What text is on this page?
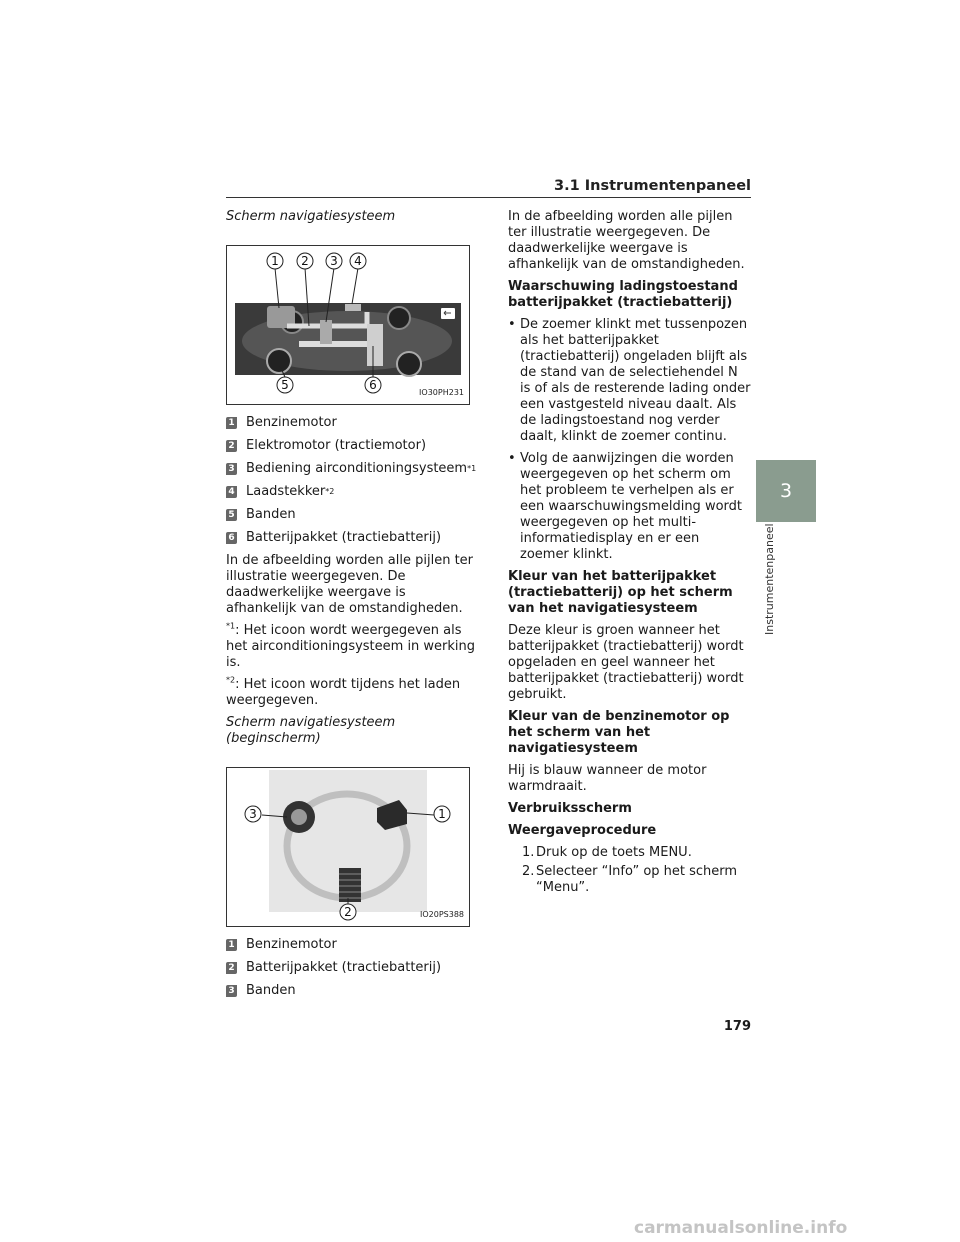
3.1 Instrumentenpaneel

Scherm navigatiesysteem

1 2 3 4
5	6
IO30PH231
1 Benzinemotor
2 Elektromotor (tractiemotor)
3 Bediening airconditioningsysteem *1
4 Laadstekker *2
5 Banden
6 Batterijpakket (tractiebatterij)

In de afbeelding worden alle pijlen ter illustratie weergegeven. De daadwerkelijke weergave is afhankelijk van de omstandigheden.

$^{*1}$: Het icoon wordt weergegeven als het airconditioningsysteem in werking is.

$^{*2}$: Het icoon wordt tijdens het laden weergegeven.

Scherm navigatiesysteem (beginscherm)

3	1
2	IO20PS388
1 Benzinemotor
2 Batterijpakket (tractiebatterij)
3 Banden

In de afbeelding worden alle pijlen ter illustratie weergegeven. De daadwerkelijke weergave is afhankelijk van de omstandigheden.

Waarschuwing ladingstoestand batterijpakket (tractiebatterij)

• De zoemer klinkt met tussenpozen als het batterijpakket (tractiebatterij) ongeladen blijft als de stand van de selectiehendel N is of als de resterende lading onder een vastgesteld niveau daalt. Als de ladingstoestand nog verder daalt, klinkt de zoemer continu.
• Volg de aanwijzingen die worden weergegeven op het scherm om het probleem te verhelpen als er een waarschuwingsmelding wordt weergegeven op het multi-informatiedisplay en er een zoemer klinkt.

Kleur van het batterijpakket (tractiebatterij) op het scherm van het navigatiesysteem

Deze kleur is groen wanneer het batterijpakket (tractiebatterij) wordt opgeladen en geel wanneer het batterijpakket (tractiebatterij) wordt gebruikt.

Kleur van de benzinemotor op het scherm van het navigatiesysteem

Hij is blauw wanneer de motor warmdraait.

Verbruiksscherm

Weergaveprocedure

1. Druk op de toets MENU.
2. Selecteer “Info” op het scherm “Menu”.
3
Instrumentenpaneel
179
carmanualsonline.info
